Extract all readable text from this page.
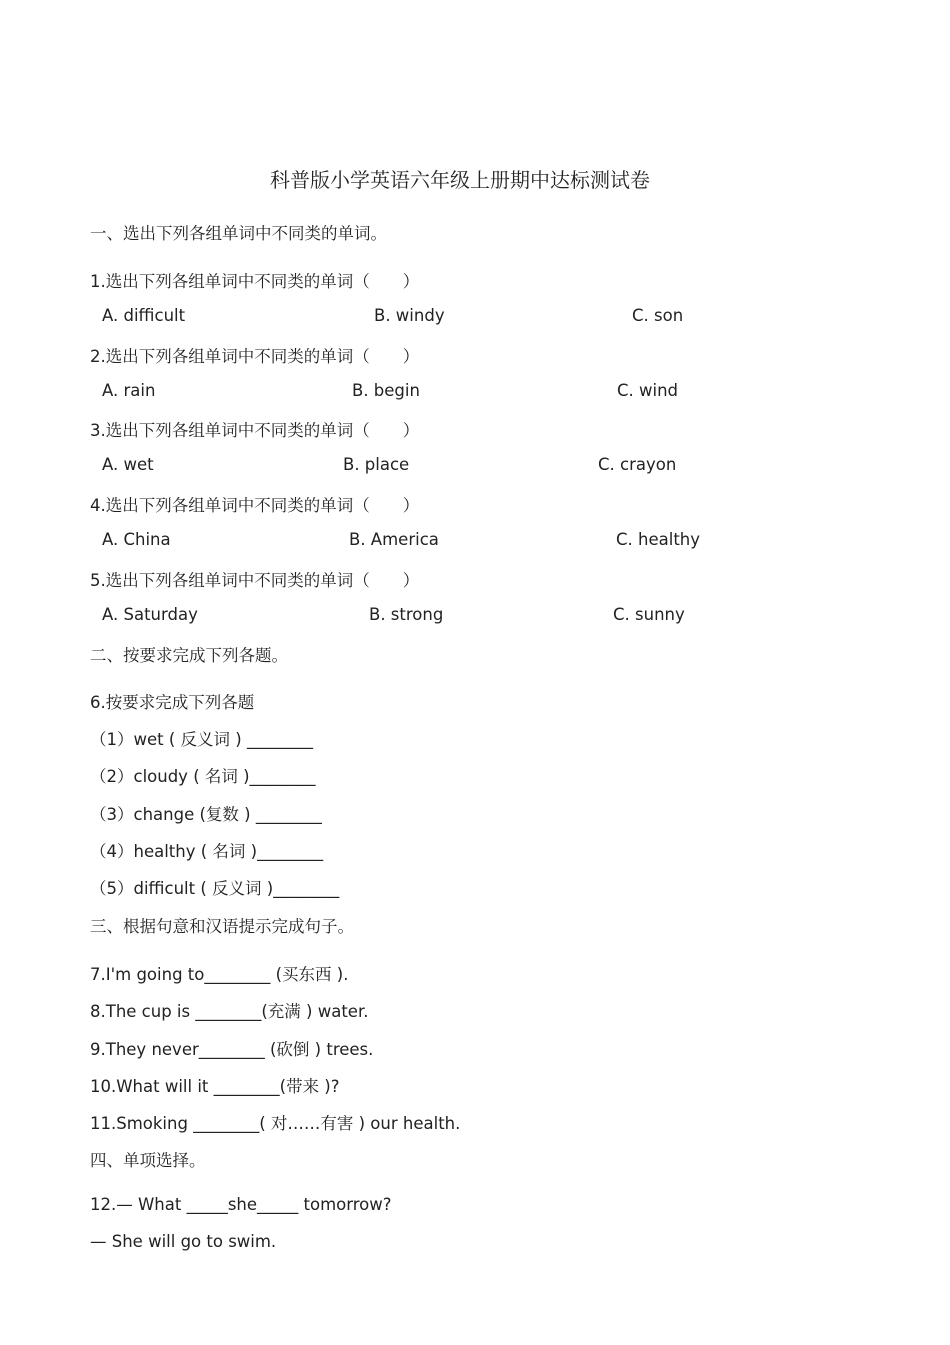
科普版小学英语六年级上册期中达标测试卷
一、选出下列各组单词中不同类的单词。
1.选出下列各组单词中不同类的单词（　　）
A. difficult	B. windy	C. son
2.选出下列各组单词中不同类的单词（　　）
A. rain	B. begin	C. wind
3.选出下列各组单词中不同类的单词（　　）
A. wet	B. place	C. crayon
4.选出下列各组单词中不同类的单词（　　）
A. China	B. America	C. healthy
5.选出下列各组单词中不同类的单词（　　）
A. Saturday	B. strong	C. sunny
二、按要求完成下列各题。
6.按要求完成下列各题
（1）wet ( 反义词 ) ________
（2）cloudy ( 名词 )________
（3）change (复数 ) ________
（4）healthy ( 名词 )________
（5）difficult ( 反义词 )________
三、根据句意和汉语提示完成句子。
7.I'm going to________ (买东西 ).
8.The cup is ________(充满 ) water.
9.They never________ (砍倒 ) trees.
10.What will it ________(带来 )?
11.Smoking ________( 对……有害 ) our health.
四、单项选择。
12.— What _____she_____ tomorrow?
— She will go to swim.
